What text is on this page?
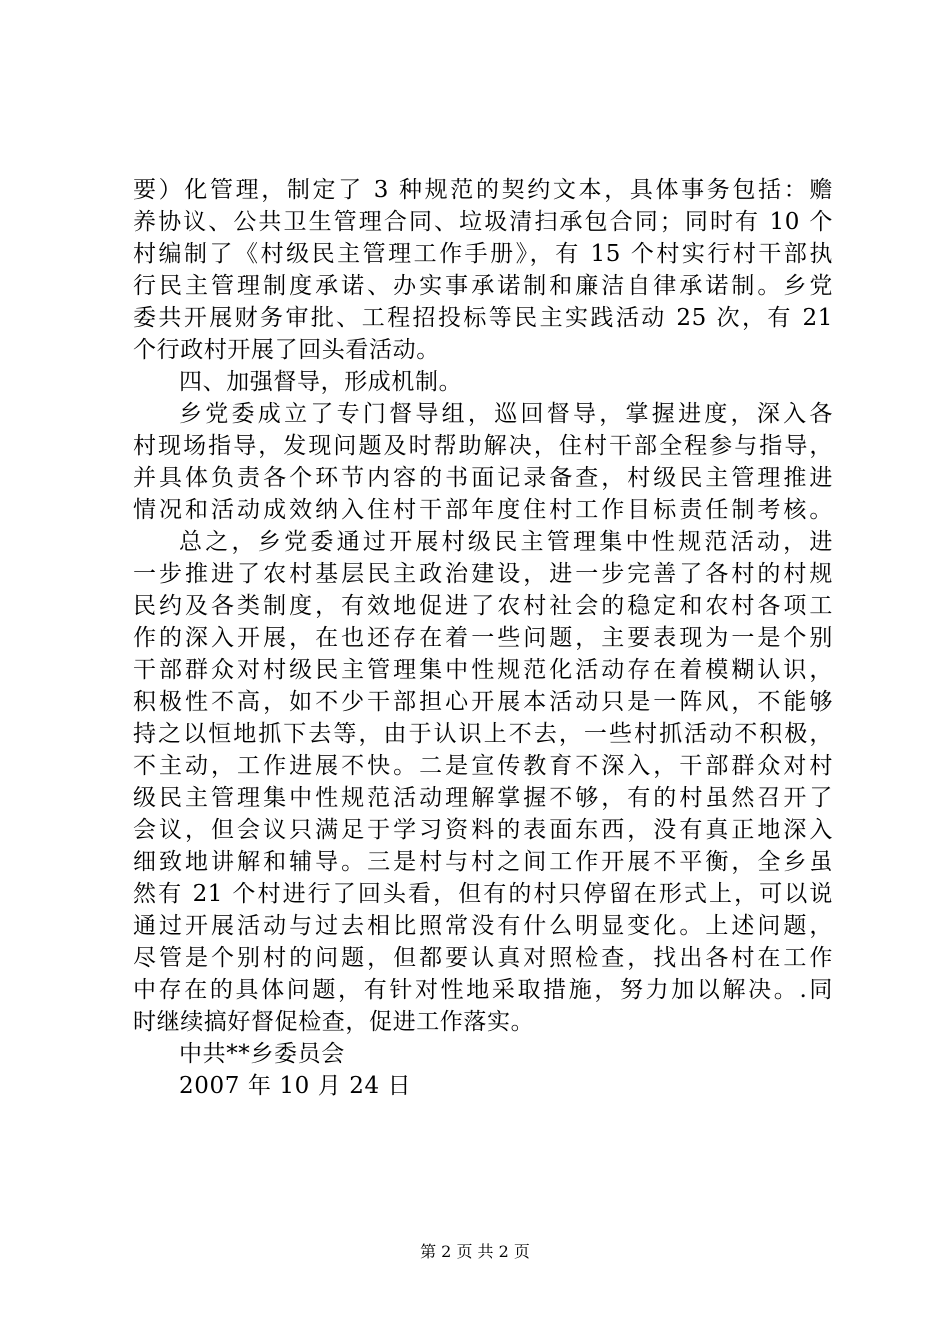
要）化管理，制定了 3 种规范的契约文本，具体事务包括：赡
养协议、公共卫生管理合同、垃圾清扫承包合同；同时有 10 个
村编制了《村级民主管理工作手册》，有 15 个村实行村干部执
行民主管理制度承诺、办实事承诺制和廉洁自律承诺制。乡党
委共开展财务审批、工程招投标等民主实践活动 25 次，有 21
个行政村开展了回头看活动。
四、加强督导，形成机制。
乡党委成立了专门督导组，巡回督导，掌握进度，深入各
村现场指导，发现问题及时帮助解决，住村干部全程参与指导，
并具体负责各个环节内容的书面记录备查，村级民主管理推进
情况和活动成效纳入住村干部年度住村工作目标责任制考核。
总之，乡党委通过开展村级民主管理集中性规范活动，进
一步推进了农村基层民主政治建设，进一步完善了各村的村规
民约及各类制度，有效地促进了农村社会的稳定和农村各项工
作的深入开展，在也还存在着一些问题，主要表现为一是个别
干部群众对村级民主管理集中性规范化活动存在着模糊认识，
积极性不高，如不少干部担心开展本活动只是一阵风，不能够
持之以恒地抓下去等，由于认识上不去，一些村抓活动不积极，
不主动，工作进展不快。二是宣传教育不深入，干部群众对村
级民主管理集中性规范活动理解掌握不够，有的村虽然召开了
会议，但会议只满足于学习资料的表面东西，没有真正地深入
细致地讲解和辅导。三是村与村之间工作开展不平衡，全乡虽
然有 21 个村进行了回头看，但有的村只停留在形式上，可以说
通过开展活动与过去相比照常没有什么明显变化。上述问题，
尽管是个别村的问题，但都要认真对照检查，找出各村在工作
中存在的具体问题，有针对性地采取措施，努力加以解决。.同
时继续搞好督促检查，促进工作落实。
中共**乡委员会
2007 年 10 月 24 日
第 2 页 共 2 页
